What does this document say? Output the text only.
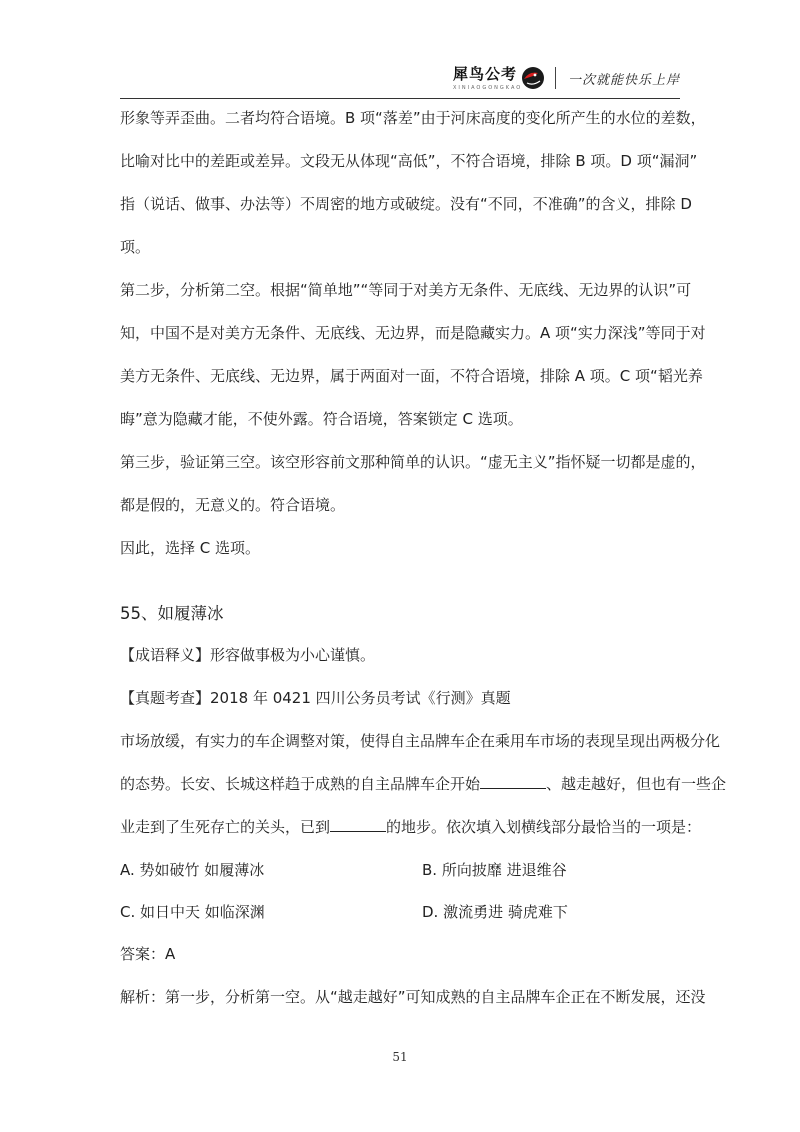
犀鸟公考
XINIAOGONGKAO	一次就能快乐上岸
形象等弄歪曲。二者均符合语境。B 项“落差”由于河床高度的变化所产生的水位的差数，
比喻对比中的差距或差异。文段无从体现“高低”，不符合语境，排除 B 项。D 项“漏洞”
指（说话、做事、办法等）不周密的地方或破绽。没有“不同，不准确”的含义，排除 D
项。
第二步，分析第二空。根据“简单地”“等同于对美方无条件、无底线、无边界的认识”可
知，中国不是对美方无条件、无底线、无边界，而是隐藏实力。A 项“实力深浅”等同于对
美方无条件、无底线、无边界，属于两面对一面，不符合语境，排除 A 项。C 项“韬光养
晦”意为隐藏才能，不使外露。符合语境，答案锁定 C 选项。
第三步，验证第三空。该空形容前文那种简单的认识。“虚无主义”指怀疑一切都是虚的，
都是假的，无意义的。符合语境。
因此，选择 C 选项。
55、如履薄冰
【成语释义】形容做事极为小心谨慎。
【真题考查】2018 年 0421 四川公务员考试《行测》真题
市场放缓，有实力的车企调整对策，使得自主品牌车企在乘用车市场的表现呈现出两极分化
的态势。长安、长城这样趋于成熟的自主品牌车企开始	、越走越好，但也有一些企
业走到了生死存亡的关头，已到	的地步。依次填入划横线部分最恰当的一项是：
A. 势如破竹 如履薄冰	B. 所向披靡 进退维谷
C. 如日中天 如临深渊	D. 激流勇进 骑虎难下
答案：A
解析：第一步，分析第一空。从“越走越好”可知成熟的自主品牌车企正在不断发展，还没
51
